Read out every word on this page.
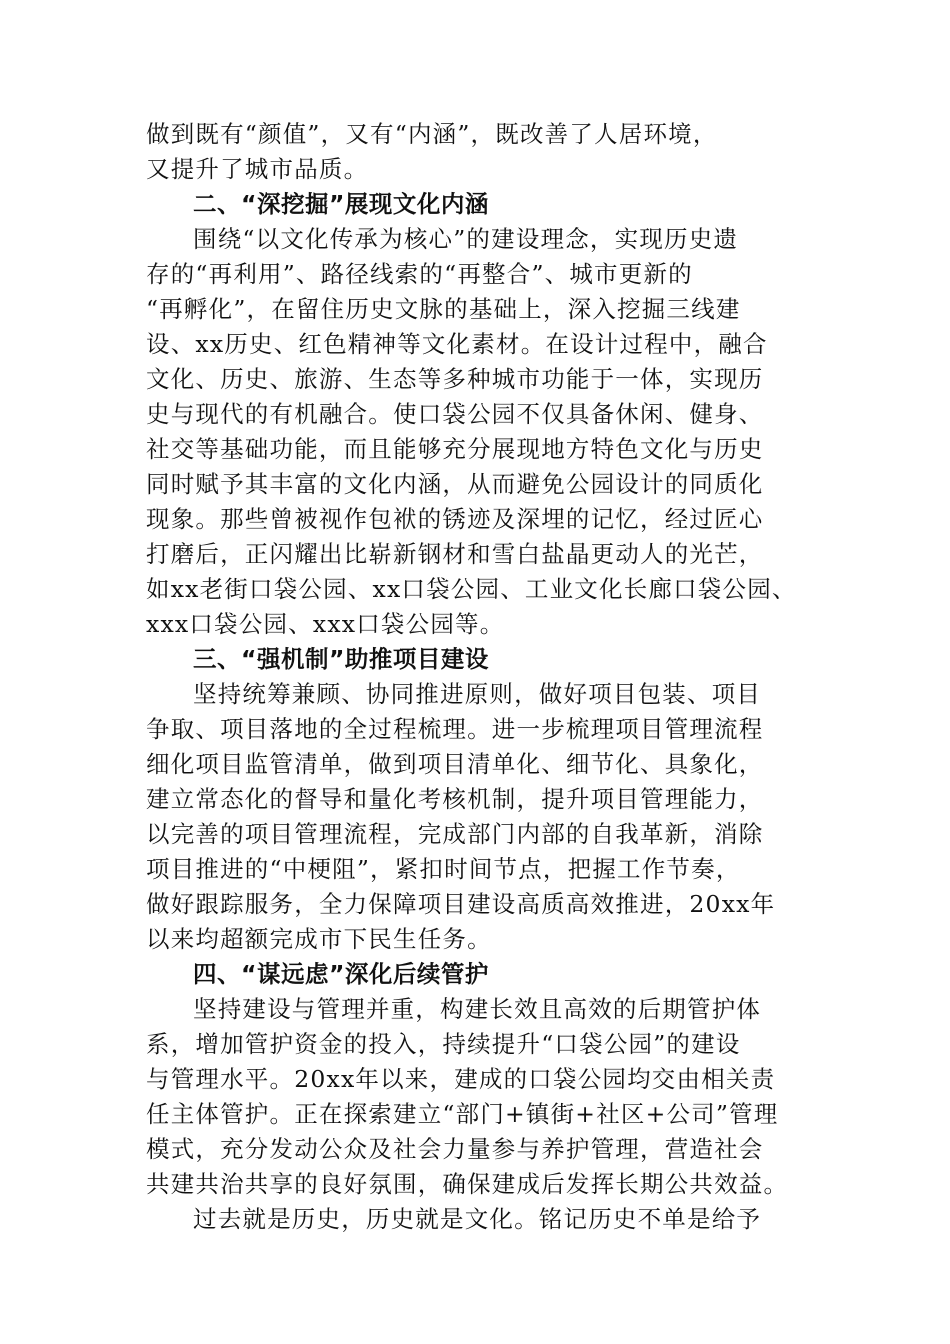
做到既有“颜值”，又有“内涵”，既改善了人居环境，
又提升了城市品质。
二、“深挖掘”展现文化内涵
围绕“以文化传承为核心”的建设理念，实现历史遗
存的“再利用”、路径线索的“再整合”、城市更新的
“再孵化”，在留住历史文脉的基础上，深入挖掘三线建
设、xx历史、红色精神等文化素材。在设计过程中，融合
文化、历史、旅游、生态等多种城市功能于一体，实现历
史与现代的有机融合。使口袋公园不仅具备休闲、健身、
社交等基础功能，而且能够充分展现地方特色文化与历史
同时赋予其丰富的文化内涵，从而避免公园设计的同质化
现象。那些曾被视作包袱的锈迹及深埋的记忆，经过匠心
打磨后，正闪耀出比崭新钢材和雪白盐晶更动人的光芒，
如xx老街口袋公园、xx口袋公园、工业文化长廊口袋公园、
xxx口袋公园、xxx口袋公园等。
三、“强机制”助推项目建设
坚持统筹兼顾、协同推进原则，做好项目包装、项目
争取、项目落地的全过程梳理。进一步梳理项目管理流程
细化项目监管清单，做到项目清单化、细节化、具象化，
建立常态化的督导和量化考核机制，提升项目管理能力，
以完善的项目管理流程，完成部门内部的自我革新，消除
项目推进的“中梗阻”，紧扣时间节点，把握工作节奏，
做好跟踪服务，全力保障项目建设高质高效推进，20xx年
以来均超额完成市下民生任务。
四、“谋远虑”深化后续管护
坚持建设与管理并重，构建长效且高效的后期管护体
系，增加管护资金的投入，持续提升“口袋公园”的建设
与管理水平。20xx年以来，建成的口袋公园均交由相关责
任主体管护。正在探索建立“部门+镇街+社区+公司”管理
模式，充分发动公众及社会力量参与养护管理，营造社会
共建共治共享的良好氛围，确保建成后发挥长期公共效益。
过去就是历史，历史就是文化。铭记历史不单是给予
